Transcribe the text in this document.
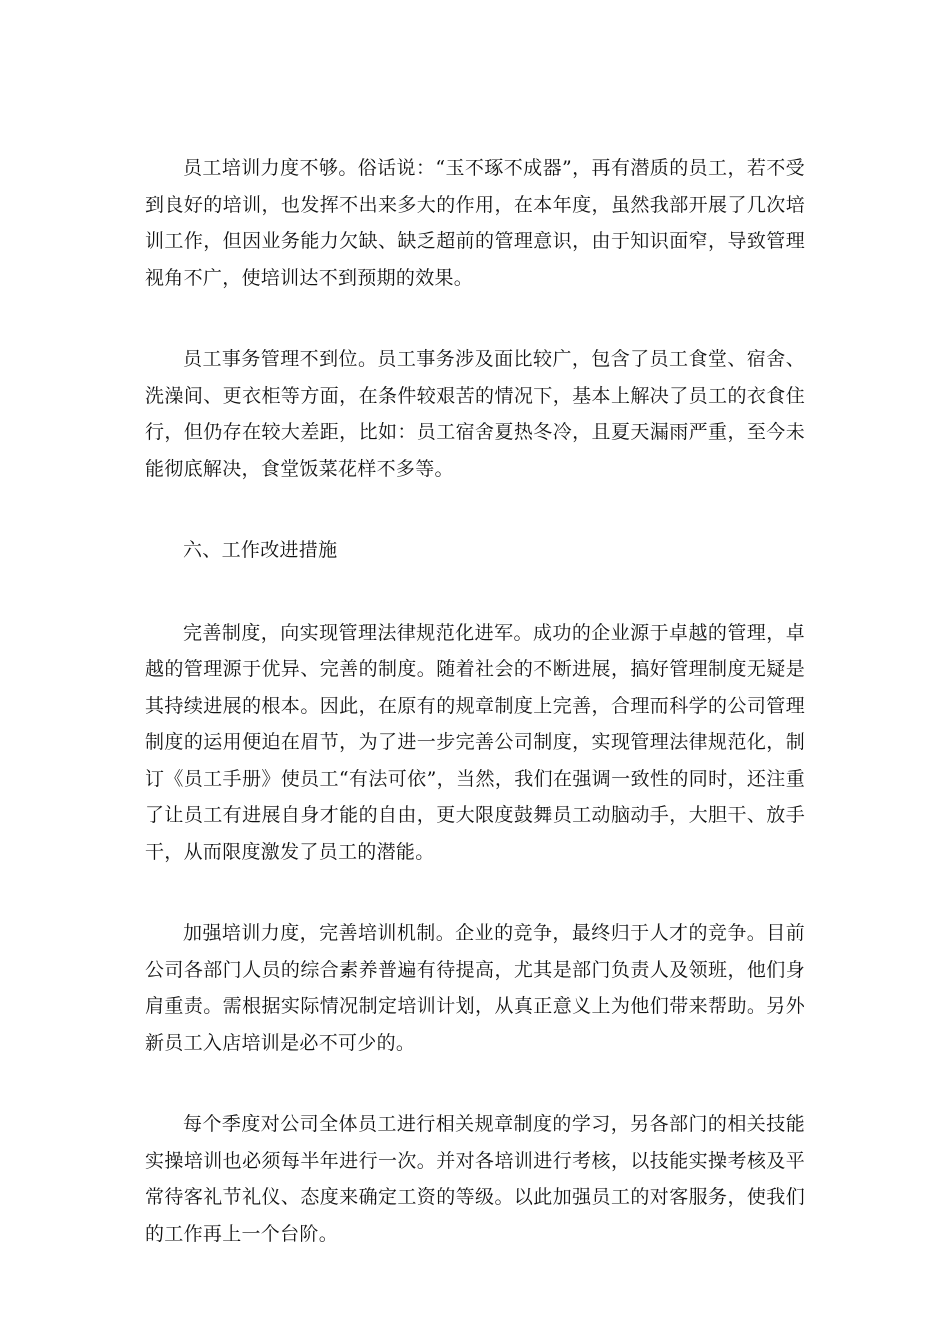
员工培训力度不够。俗话说：“玉不琢不成器”，再有潜质的员工，若不受到良好的培训，也发挥不出来多大的作用，在本年度，虽然我部开展了几次培训工作，但因业务能力欠缺、缺乏超前的管理意识，由于知识面窄，导致管理视角不广，使培训达不到预期的效果。

员工事务管理不到位。员工事务涉及面比较广，包含了员工食堂、宿舍、洗澡间、更衣柜等方面，在条件较艰苦的情况下，基本上解决了员工的衣食住行，但仍存在较大差距，比如：员工宿舍夏热冬冷，且夏天漏雨严重，至今未能彻底解决，食堂饭菜花样不多等。

六、工作改进措施

完善制度，向实现管理法律规范化进军。成功的企业源于卓越的管理，卓越的管理源于优异、完善的制度。随着社会的不断进展，搞好管理制度无疑是其持续进展的根本。因此，在原有的规章制度上完善，合理而科学的公司管理制度的运用便迫在眉节，为了进一步完善公司制度，实现管理法律规范化，制订《员工手册》使员工“有法可依”，当然，我们在强调一致性的同时，还注重了让员工有进展自身才能的自由，更大限度鼓舞员工动脑动手，大胆干、放手干，从而限度激发了员工的潜能。

加强培训力度，完善培训机制。企业的竞争，最终归于人才的竞争。目前公司各部门人员的综合素养普遍有待提高，尤其是部门负责人及领班，他们身肩重责。需根据实际情况制定培训计划，从真正意义上为他们带来帮助。另外新员工入店培训是必不可少的。

每个季度对公司全体员工进行相关规章制度的学习，另各部门的相关技能实操培训也必须每半年进行一次。并对各培训进行考核，以技能实操考核及平常待客礼节礼仪、态度来确定工资的等级。以此加强员工的对客服务，使我们的工作再上一个台阶。
